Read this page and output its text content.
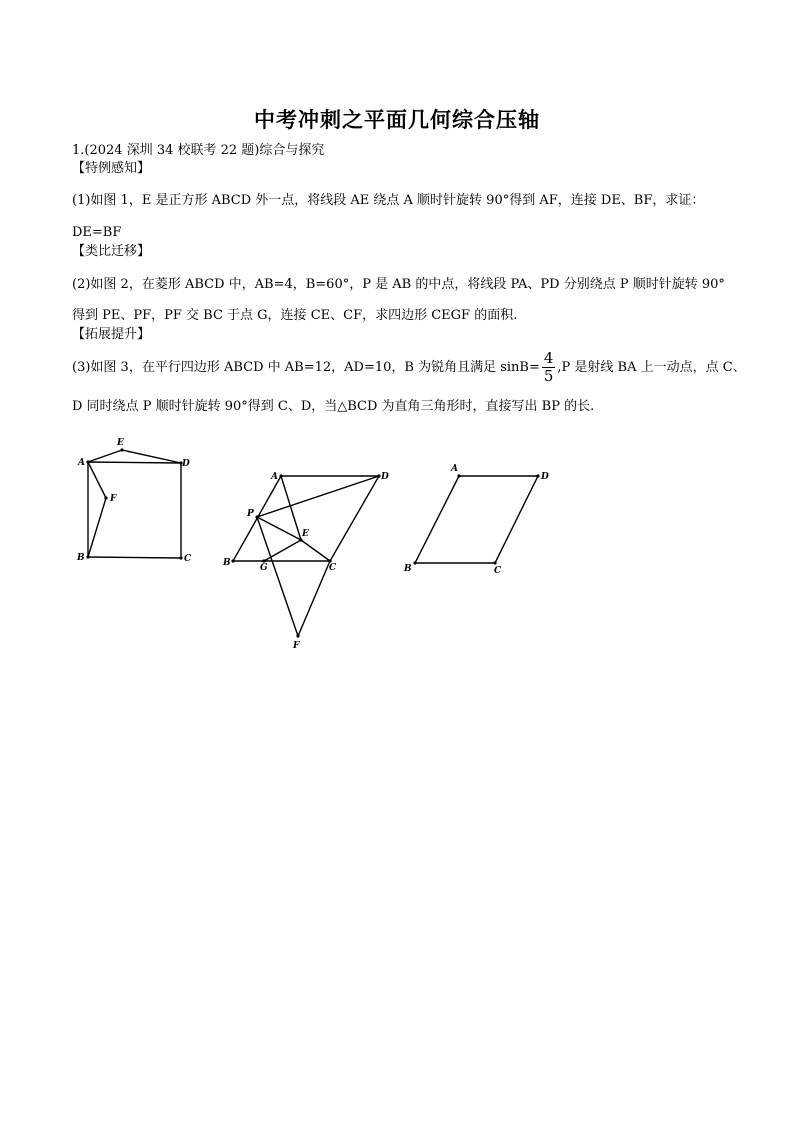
中考冲刺之平面几何综合压轴
1.(2024 深圳 34 校联考 22 题)综合与探究
【特例感知】
(1)如图 1，E 是正方形 ABCD 外一点，将线段 AE 绕点 A 顺时针旋转 90°得到 AF，连接 DE、BF，求证：
DE=BF
【类比迁移】
(2)如图 2，在菱形 ABCD 中，AB=4，B=60°，P 是 AB 的中点，将线段 PA、PD 分别绕点 P 顺时针旋转 90°
得到 PE、PF，PF 交 BC 于点 G，连接 CE、CF，求四边形 CEGF 的面积.
【拓展提升】
(3)如图 3，在平行四边形 ABCD 中 AB=12，AD=10，B 为锐角且满足 $\sin B= \frac{4}{5} ,P$ 是射线 BA 上一动点，点 C、
D 同时绕点 P 顺时针旋转 90°得到 C、D，当△BCD 为直角三角形时，直接写出 BP 的长.
A
E
D
F
B	C
A	D
P
E
B	G	C
F
A
D
B	C
